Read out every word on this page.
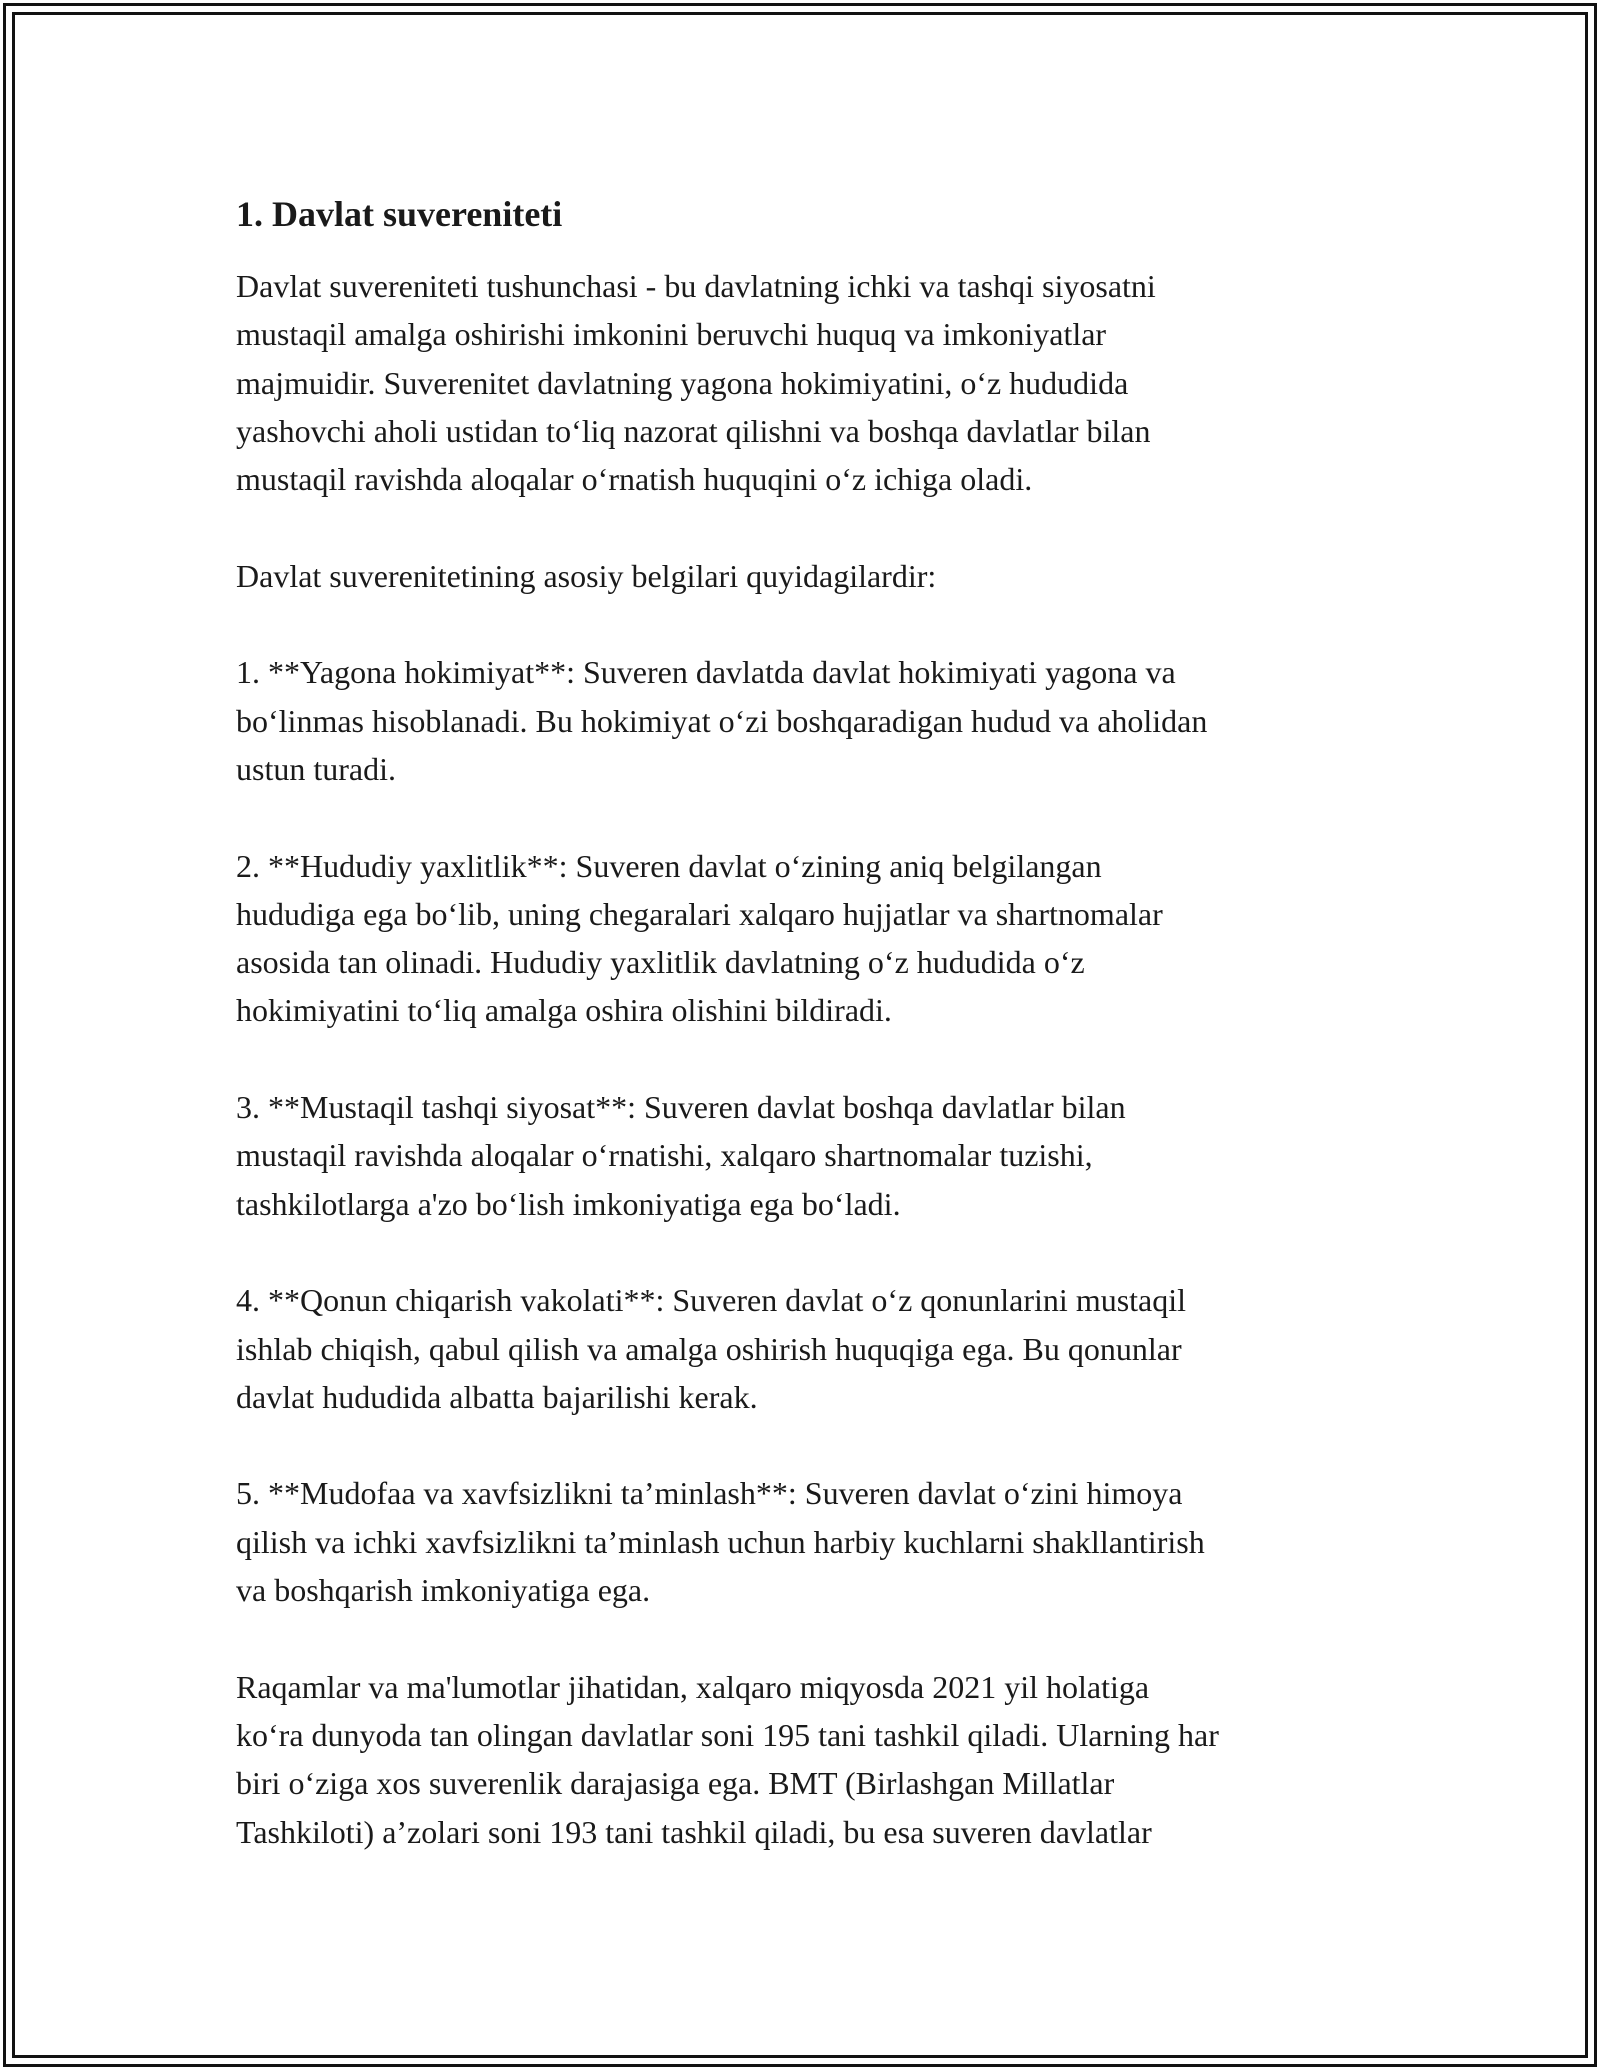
1. Davlat suvereniteti
Davlat suvereniteti tushunchasi - bu davlatning ichki va tashqi siyosatni
mustaqil amalga oshirishi imkonini beruvchi huquq va imkoniyatlar
majmuidir. Suverenitet davlatning yagona hokimiyatini, o‘z hududida
yashovchi aholi ustidan to‘liq nazorat qilishni va boshqa davlatlar bilan
mustaqil ravishda aloqalar o‘rnatish huquqini o‘z ichiga oladi.
Davlat suverenitetining asosiy belgilari quyidagilardir:
1. **Yagona hokimiyat**: Suveren davlatda davlat hokimiyati yagona va
bo‘linmas hisoblanadi. Bu hokimiyat o‘zi boshqaradigan hudud va aholidan
ustun turadi.
2. **Hududiy yaxlitlik**: Suveren davlat o‘zining aniq belgilangan
hududiga ega bo‘lib, uning chegaralari xalqaro hujjatlar va shartnomalar
asosida tan olinadi. Hududiy yaxlitlik davlatning o‘z hududida o‘z
hokimiyatini to‘liq amalga oshira olishini bildiradi.
3. **Mustaqil tashqi siyosat**: Suveren davlat boshqa davlatlar bilan
mustaqil ravishda aloqalar o‘rnatishi, xalqaro shartnomalar tuzishi,
tashkilotlarga a'zo bo‘lish imkoniyatiga ega bo‘ladi.
4. **Qonun chiqarish vakolati**: Suveren davlat o‘z qonunlarini mustaqil
ishlab chiqish, qabul qilish va amalga oshirish huquqiga ega. Bu qonunlar
davlat hududida albatta bajarilishi kerak.
5. **Mudofaa va xavfsizlikni ta’minlash**: Suveren davlat o‘zini himoya
qilish va ichki xavfsizlikni ta’minlash uchun harbiy kuchlarni shakllantirish
va boshqarish imkoniyatiga ega.
Raqamlar va ma'lumotlar jihatidan, xalqaro miqyosda 2021 yil holatiga
ko‘ra dunyoda tan olingan davlatlar soni 195 tani tashkil qiladi. Ularning har
biri o‘ziga xos suverenlik darajasiga ega. BMT (Birlashgan Millatlar
Tashkiloti) a’zolari soni 193 tani tashkil qiladi, bu esa suveren davlatlar
